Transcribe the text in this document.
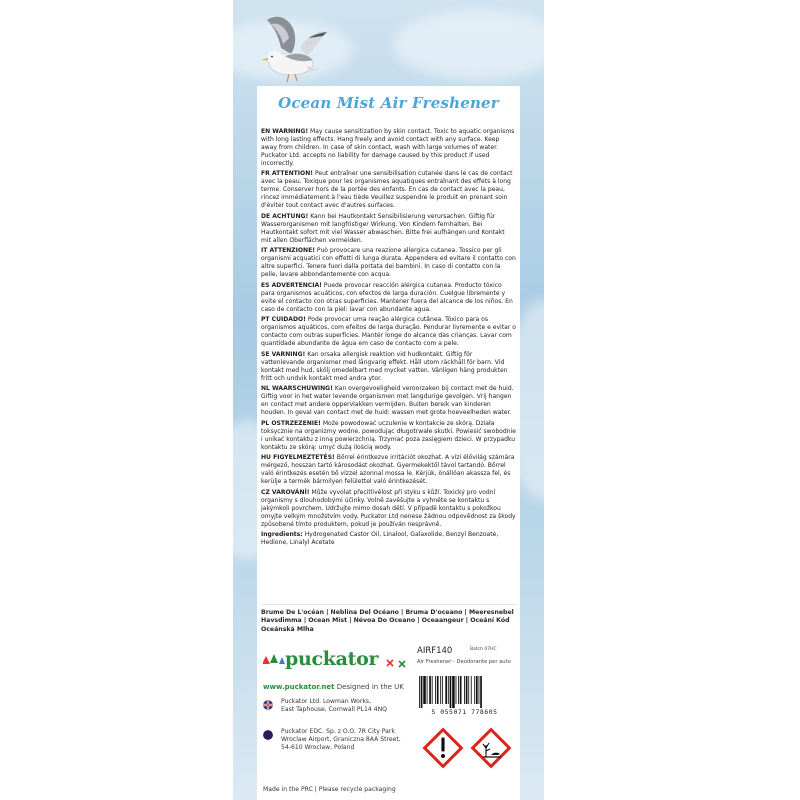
Ocean Mist Air Freshener

EN WARNING! May cause sensitization by skin contact. Toxic to aquatic organisms with long lasting effects. Hang freely and avoid contact with any surface. Keep away from children. In case of skin contact, wash with large volumes of water. Puckator Ltd. accepts no liability for damage caused by this product if used incorrectly.

FR ATTENTION! Peut entraîner une sensibilisation cutanée dans le cas de contact avec la peau. Toxique pour les organismes aquatiques entraînant des effets à long terme. Conserver hors de la portée des enfants. En cas de contact avec la peau, rincez immédiatement à l'eau tiède Veuillez suspendre le produit en prenant soin d'éviter tout contact avec d'autres surfaces.

DE ACHTUNG! Kann bei Hautkontakt Sensibilisierung verursachen. Giftig für Wasserorganismen mit langfristiger Wirkung. Von Kindern fernhalten. Bei Hautkontakt sofort mit viel Wasser abwaschen. Bitte frei aufhängen und Kontakt mit allen Oberflächen vermeiden.

IT ATTENZIONE! Può provocare una reazione allergica cutanea. Tossico per gli organismi acquatici con effetti di lunga durata. Appendere ed evitare il contatto con altre superfici. Tenere fuori dalla portata dei bambini. In caso di contatto con la pelle, lavare abbondantemente con acqua.

ES ADVERTENCIA! Puede provocar reacción alérgica cutanea. Producto tóxico para organismos acuáticos, con efectos de larga duración. Cuelgue libremente y evite el contacto con otras superficies. Mantener fuera del alcance de los niños. En caso de contacto con la piel: lavar con abundante agua.

PT CUIDADO! Pode provocar uma reação alérgica cutânea. Tóxico para os organismos aquáticos, com efeitos de larga duração. Pendurar livremente e evitar o contacto com outras superfícies. Mantér longe do alcance das crianças. Lavar com quantidade abundante de água em caso de contacto com a pele.

SE VARNING! Kan orsaka allergisk reaktion vid hudkontakt. Giftig för vattenlevande organismer med långvarig effekt. Håll utom räckhåll för barn. Vid kontakt med hud, skölj omedelbart med mycket vatten. Vänligen häng produkten fritt och undvik kontakt med andra ytor.

NL WAARSCHUWING! Kan overgevoeligheid veroorzaken bij contact met de huid. Giftig voor in het water levende organismen met langdurige gevolgen. Vrij hangen en contact met andere oppervlakken vermijden. Buiten bereik van kinderen houden. In geval van contact met de huid: wassen met grote hoeveelheden water.

PL OSTRZEZENIE! Może powodować uczulenie w kontakcie ze skórą. Działa toksycznie na organizmy wodne, powodując długotrwałe skutki. Powiesić swobodnie i unikać kontaktu z inną powierzchnią. Trzymać poza zasięgiem dzieci. W przypadku kontaktu ze skórą: umyć dużą ilością wody.

HU FIGYELMEZTETÉS! Bőrrel érintkezve irritációt okozhat. A vízi élővilág számára mérgező, hosszan tartó károsodást okozhat. Gyermekektől távol tartandó. Bőrrel való érintkezés esetén bő vízzel azonnal mossa le. Kérjük, önállóan akassza fel, és kerülje a termék bármilyen felülettel való érintkezését.

CZ VAROVÁNÍ! Může vyvolat přecitlivělost při styku s kůží. Toxický pro vodní organismy s dlouhodobými účinky. Volně zavěšujte a vyhněte se kontaktu s jakýmkoli povrchem. Udržujte mimo dosah dětí. V případě kontaktu s pokožkou omyjte velkým množstvím vody. Puckator Ltd nenese žádnou odpovědnost za škody způsobené tímto produktem, pokud je používán nesprávně.

Ingredients: Hydrogenated Castor Oil, Linalool, Galaxolide, Benzyl Benzoate, Hedione, Linalyl Acetate

Brume De L'océan | Neblina Del Océano | Bruma D'oceano | Meeresnebel
Havsdimma | Ocean Mist | Névoa Do Oceano | Oceaangeur | Oceání Kód
Oceánská Mlha
puckator
www.puckator.net Designed in the UK
Puckator Ltd. Lowman Works,
East Taphouse, Cornwall PL14 4NQ
Puckator EDC. Sp. z O.O. 7R City Park
Wroclaw Airport, Graniczna 8AA Street,
54-610 Wroclaw, Poland
Made in the PRC | Please recycle packaging
AIRF140	Batch 07HC
Air Freshener - Deodorante per auto
5 055071 778605
